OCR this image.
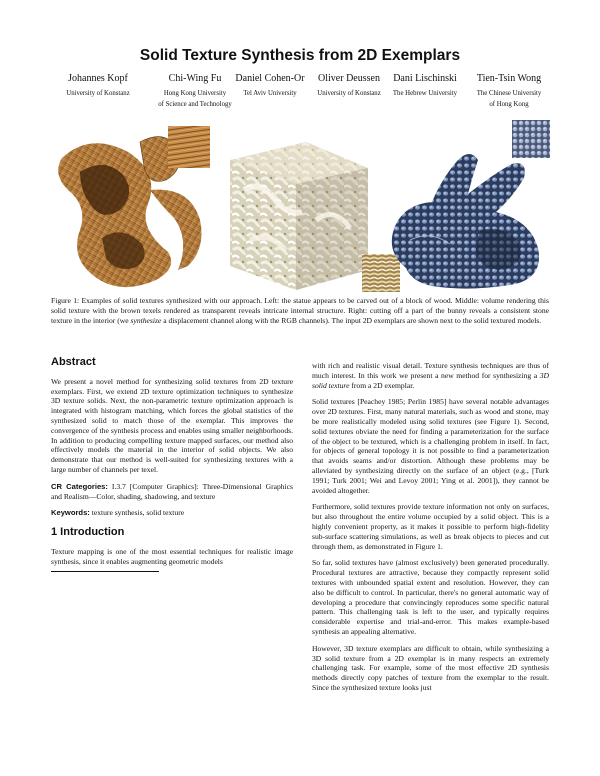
Solid Texture Synthesis from 2D Exemplars
Johannes Kopf
University of Konstanz
Chi-Wing Fu
Hong Kong University
of Science and Technology
Daniel Cohen-Or
Tel Aviv University
Oliver Deussen
University of Konstanz
Dani Lischinski
The Hebrew University
Tien-Tsin Wong
The Chinese University
of Hong Kong
Figure 1: Examples of solid textures synthesized with our approach. Left: the statue appears to be carved out of a block of wood. Middle: volume rendering this solid texture with the brown texels rendered as transparent reveals intricate internal structure. Right: cutting off a part of the bunny reveals a consistent stone texture in the interior (we synthesize a displacement channel along with the RGB channels). The input 2D exemplars are shown next to the solid textured models.
Abstract

We present a novel method for synthesizing solid textures from 2D texture exemplars. First, we extend 2D texture optimization techniques to synthesize 3D texture solids. Next, the non-parametric texture optimization approach is integrated with histogram matching, which forces the global statistics of the synthesized solid to match those of the exemplar. This improves the convergence of the synthesis process and enables using smaller neighborhoods. In addition to producing compelling texture mapped surfaces, our method also effectively models the material in the interior of solid objects. We also demonstrate that our method is well-suited for synthesizing textures with a large number of channels per texel.

CR Categories: I.3.7 [Computer Graphics]: Three-Dimensional Graphics and Realism—Color, shading, shadowing, and texture

Keywords: texture synthesis, solid texture

1 Introduction

Texture mapping is one of the most essential techniques for realistic image synthesis, since it enables augmenting geometric models

with rich and realistic visual detail. Texture synthesis techniques are thus of much interest. In this work we present a new method for synthesizing a 3D solid texture from a 2D exemplar.

Solid textures [Peachey 1985; Perlin 1985] have several notable advantages over 2D textures. First, many natural materials, such as wood and stone, may be more realistically modeled using solid textures (see Figure 1). Second, solid textures obviate the need for finding a parameterization for the surface of the object to be textured, which is a challenging problem in itself. In fact, for objects of general topology it is not possible to find a parameterization that avoids seams and/or distortion. Although these problems may be alleviated by synthesizing directly on the surface of an object (e.g., [Turk 1991; Turk 2001; Wei and Levoy 2001; Ying et al. 2001]), they cannot be avoided altogether.

Furthermore, solid textures provide texture information not only on surfaces, but also throughout the entire volume occupied by a solid object. This is a highly convenient property, as it makes it possible to perform high-fidelity sub-surface scattering simulations, as well as break objects to pieces and cut through them, as demonstrated in Figure 1.

So far, solid textures have (almost exclusively) been generated procedurally. Procedural textures are attractive, because they compactly represent solid textures with unbounded spatial extent and resolution. However, they can also be difficult to control. In particular, there's no general automatic way of developing a procedure that convincingly reproduces some specific natural pattern. This challenging task is left to the user, and typically requires considerable expertise and trial-and-error. This makes example-based synthesis an appealing alternative.

However, 3D texture exemplars are difficult to obtain, while synthesizing a 3D solid texture from a 2D exemplar is in many respects an extremely challenging task. For example, some of the most effective 2D synthesis methods directly copy patches of texture from the exemplar to the result. Since the synthesized texture looks just
